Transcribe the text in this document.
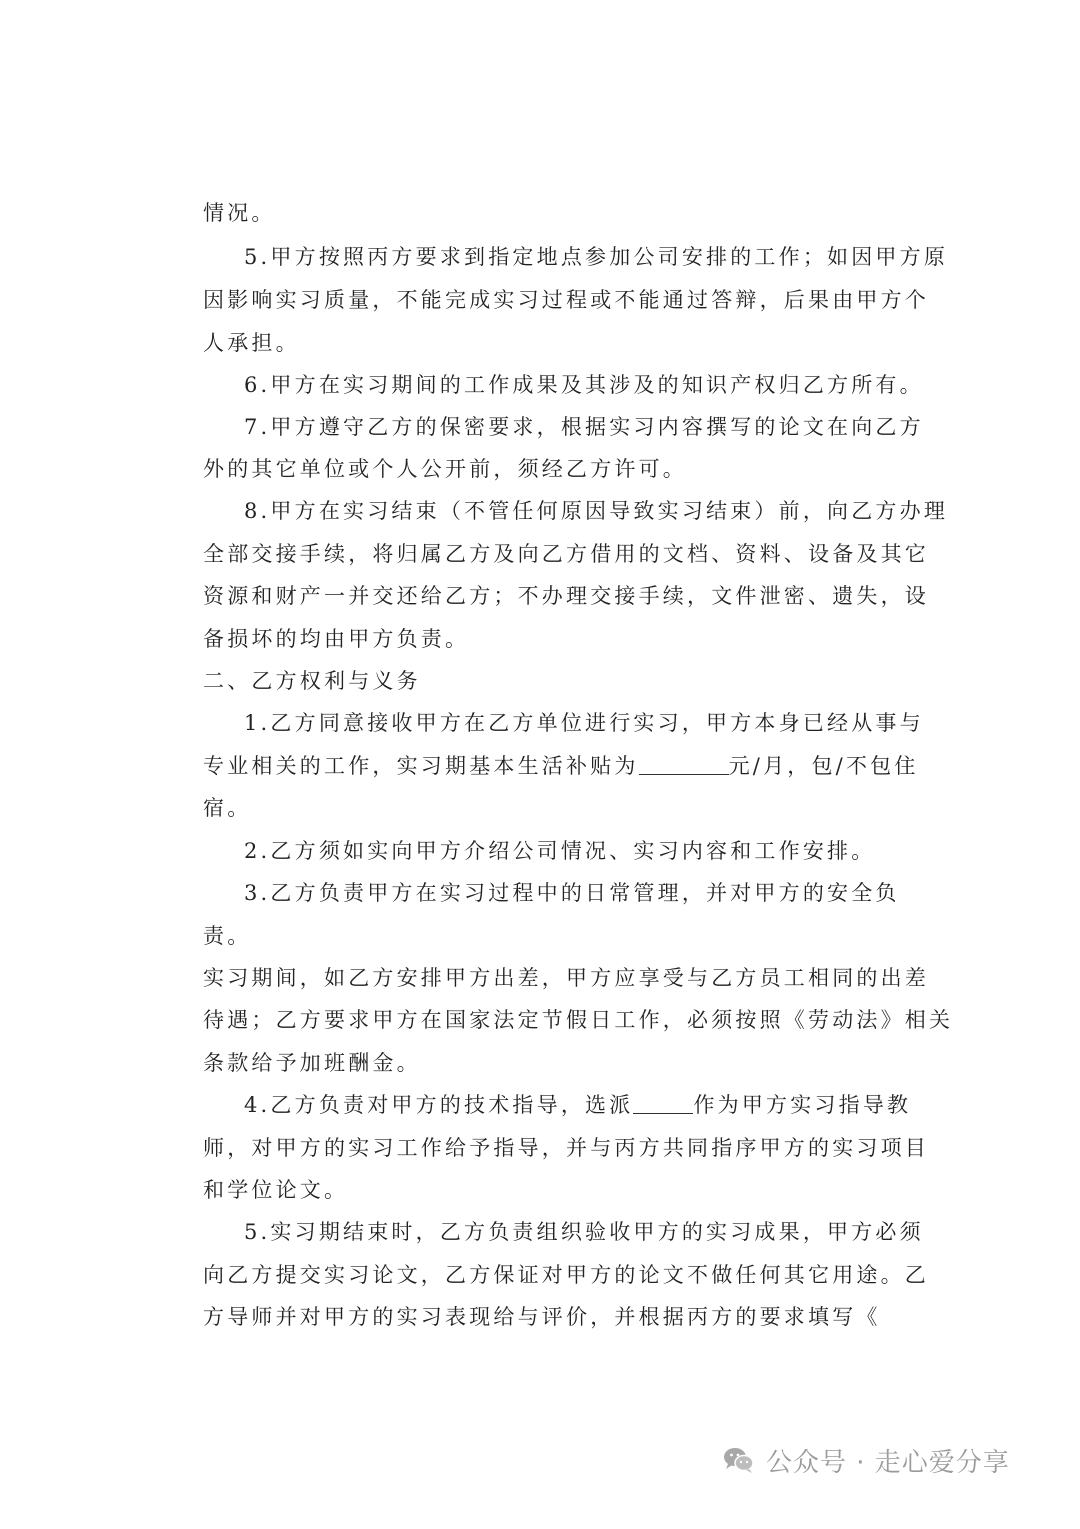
情况。
5.甲方按照丙方要求到指定地点参加公司安排的工作；如因甲方原
因影响实习质量，不能完成实习过程或不能通过答辩，后果由甲方个
人承担。
6.甲方在实习期间的工作成果及其涉及的知识产权归乙方所有。
7.甲方遵守乙方的保密要求，根据实习内容撰写的论文在向乙方
外的其它单位或个人公开前，须经乙方许可。
8.甲方在实习结束（不管任何原因导致实习结束）前，向乙方办理
全部交接手续，将归属乙方及向乙方借用的文档、资料、设备及其它
资源和财产一并交还给乙方；不办理交接手续，文件泄密、遗失，设
备损坏的均由甲方负责。
二、乙方权利与义务
1.乙方同意接收甲方在乙方单位进行实习，甲方本身已经从事与
专业相关的工作，实习期基本生活补贴为	元/月，包/不包住
宿。
2.乙方须如实向甲方介绍公司情况、实习内容和工作安排。
3.乙方负责甲方在实习过程中的日常管理，并对甲方的安全负
责。
实习期间，如乙方安排甲方出差，甲方应享受与乙方员工相同的出差
待遇；乙方要求甲方在国家法定节假日工作，必须按照《劳动法》相关
条款给予加班酬金。
4.乙方负责对甲方的技术指导，选派	作为甲方实习指导教
师，对甲方的实习工作给予指导，并与丙方共同指序甲方的实习项目
和学位论文。
5.实习期结束时，乙方负责组织验收甲方的实习成果，甲方必须
向乙方提交实习论文，乙方保证对甲方的论文不做任何其它用途。乙
方导师并对甲方的实习表现给与评价，并根据丙方的要求填写《
公众号 · 走心爱分享
